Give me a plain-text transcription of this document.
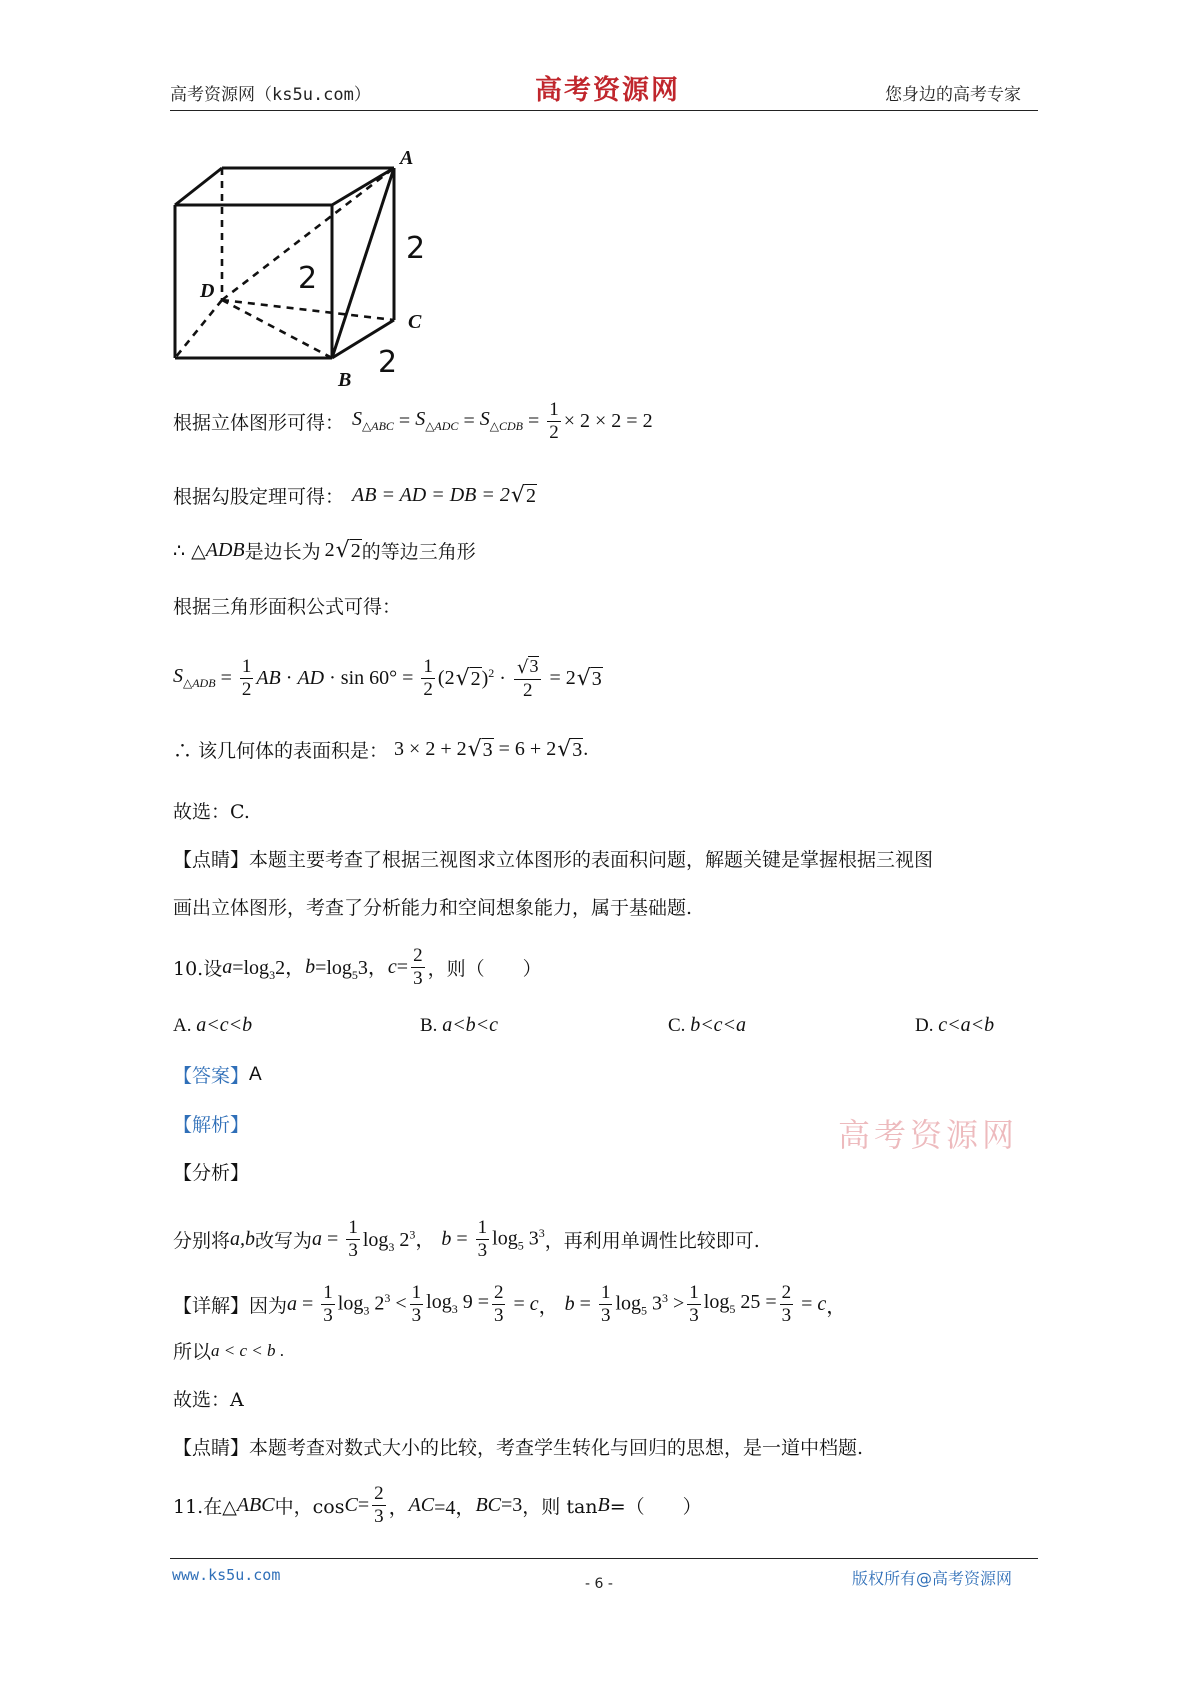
高考资源网（ks5u.com）	高考资源网	您身边的高考专家
A
D
C
B
2
2
2
根据立体图形可得： $S_{\triangle ABC} = S_{\triangle ADC} = S_{\triangle CDB} = \frac{1}{2} \times 2 \times 2 = 2$
根据勾股定理可得： AB = AD = DB = 2 √ 2
∴ △ ADB 是边长为 2 √ 2 的等边三角形
根据三角形面积公式可得：
$S_{\triangle ADB} = \frac{1}{2}$ AB · AD · $\sin 60^\circ = \frac{1}{2} (2$ √ 2 )$^2 \cdot \frac{√ 3}{2} = 2$ √ 3
∴ 该几何体的表面积是： 3 × 2 + 2 √ 3 = 6 + 2 √ 3 .
故选：C.
【点睛】本题主要考查了根据三视图求立体图形的表面积问题，解题关键是掌握根据三视图
画出立体图形，考查了分析能力和空间想象能力，属于基础题.
10.设 $a =\log_32$， $b =\log_53$， $c = \frac{2}{3}$ ，则（　　）
A. a<c<b	B. a<b<c	C. b<c<a	D. c<a<b
【答案】 A
【解析】	高考资源网
【分析】
分别将 a,b 改写为 $a = \frac{1}{3} \log_3 2^3$， $b = \frac{1}{3} \log_5 3^3$ ，再利用单调性比较即可.
【详解】因为 $a = \frac{1}{3} \log_3 2^3 < \frac{1}{3} \log_3 9 = \frac{2}{3} = c$ ， $b = \frac{1}{3} \log_5 3^3 > \frac{1}{3} \log_5 25 = \frac{2}{3} = c$ ，
所以 a < c < b .
故选：A
【点睛】本题考查对数式大小的比较，考查学生转化与回归的思想，是一道中档题.
11.在△ ABC 中，$\cos C = \frac{2}{3}$ ， AC =4， BC =3 ，则 tan B =（　　）
www.ks5u.com	- 6 -	版权所有@高考资源网
